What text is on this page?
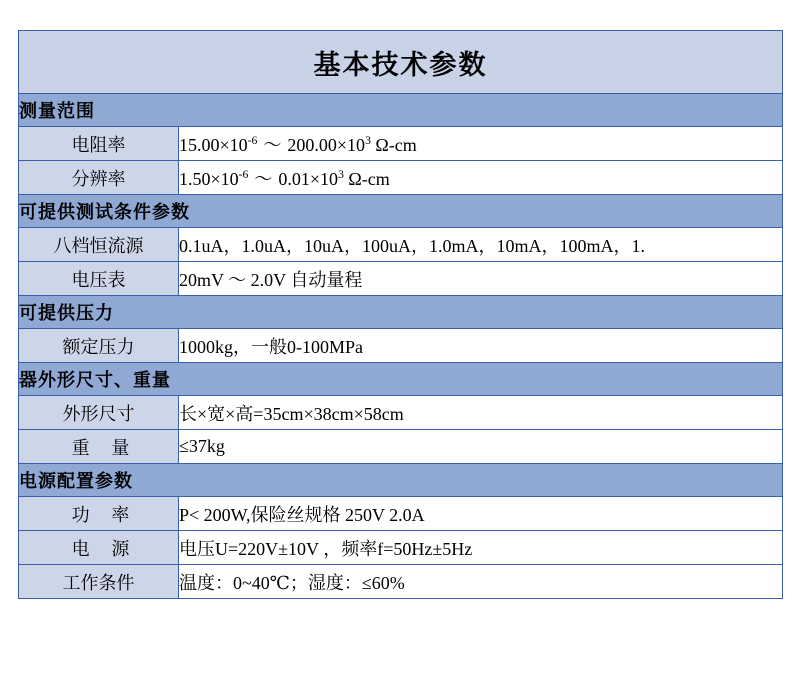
基本技术参数	
测量范围	
电阻率	$15.00\times 10^{-6}$ ～ $200.00\times 10^3$ Ω-cm
分辨率	$1.50\times 10^{-6}$ ～ $0.01\times 10^3$ Ω-cm
可提供测试条件参数	
八档恒流源	0.1uA，1.0uA，10uA，100uA，1.0mA，10mA，100mA，1.
电压表	20mV ～ 2.0V 自动量程
可提供压力	
额定压力	1000kg，一般0-100MPa
器外形尺寸、重量	
外形尺寸	长×宽×高=35cm×38cm×58cm
重 量	≤37kg
电源配置参数	
功 率	P< 200W,保险丝规格 250V 2.0A
电 源	电压U=220V±10V ，频率f=50Hz±5Hz
工作条件	温度：0~40℃；湿度：≤60%
